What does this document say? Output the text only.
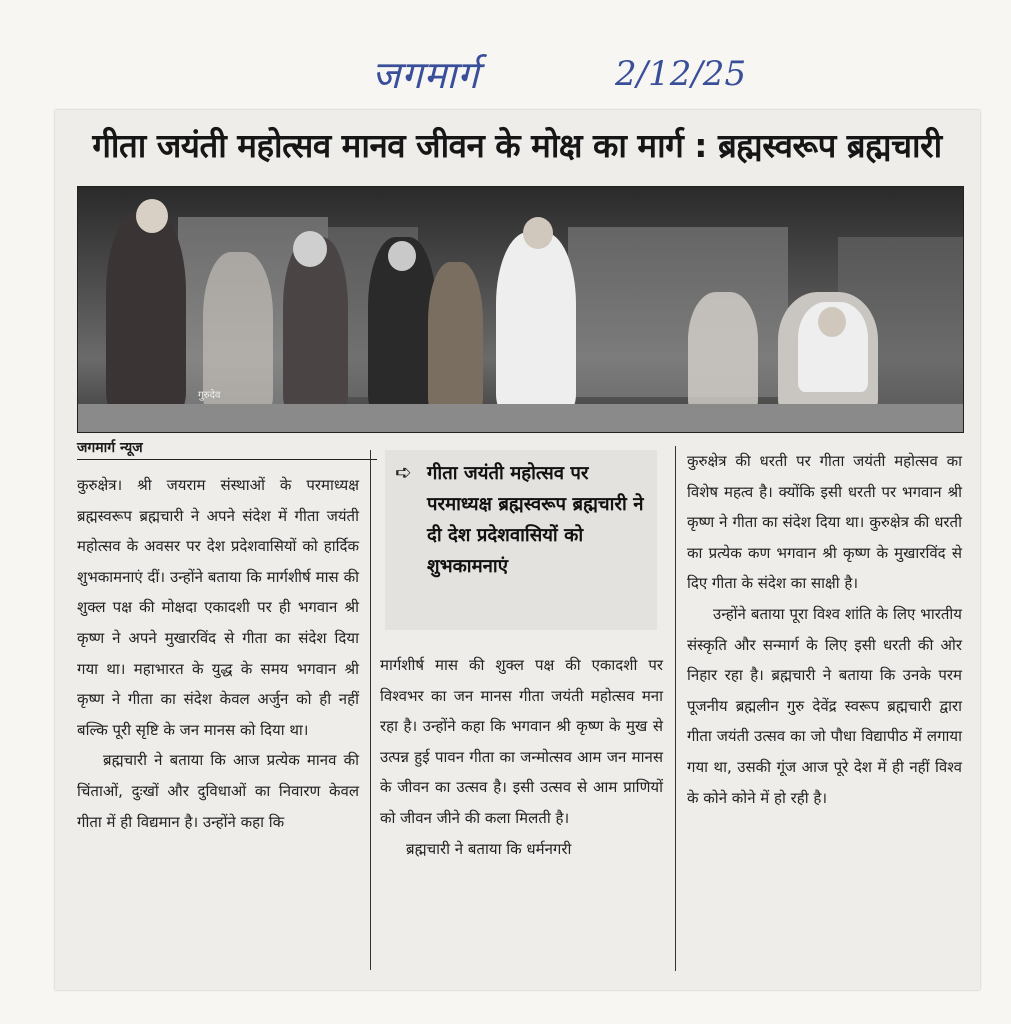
जगमार्ग	2/12/25
गीता जयंती महोत्सव मानव जीवन के मोक्ष का मार्ग : ब्रह्मस्वरूप ब्रह्मचारी
गुरुदेव
जगमार्ग न्यूज

कुरुक्षेत्र। श्री जयराम संस्थाओं के परमाध्यक्ष ब्रह्मस्वरूप ब्रह्मचारी ने अपने संदेश में गीता जयंती महोत्सव के अवसर पर देश प्रदेशवासियों को हार्दिक शुभकामनाएं दीं। उन्होंने बताया कि मार्गशीर्ष मास की शुक्ल पक्ष की मोक्षदा एकादशी पर ही भगवान श्री कृष्ण ने अपने मुखारविंद से गीता का संदेश दिया गया था। महाभारत के युद्ध के समय भगवान श्री कृष्ण ने गीता का संदेश केवल अर्जुन को ही नहीं बल्कि पूरी सृष्टि के जन मानस को दिया था।

ब्रह्मचारी ने बताया कि आज प्रत्येक मानव की चिंताओं, दुःखों और दुविधाओं का निवारण केवल गीता में ही विद्यमान है। उन्होंने कहा कि

➪ गीता जयंती महोत्सव पर परमाध्यक्ष ब्रह्मस्वरूप ब्रह्मचारी ने दी देश प्रदेशवासियों को शुभकामनाएं

मार्गशीर्ष मास की शुक्ल पक्ष की एकादशी पर विश्वभर का जन मानस गीता जयंती महोत्सव मना रहा है। उन्होंने कहा कि भगवान श्री कृष्ण के मुख से उत्पन्न हुई पावन गीता का जन्मोत्सव आम जन मानस के जीवन का उत्सव है। इसी उत्सव से आम प्राणियों को जीवन जीने की कला मिलती है।

ब्रह्मचारी ने बताया कि धर्मनगरी

कुरुक्षेत्र की धरती पर गीता जयंती महोत्सव का विशेष महत्व है। क्योंकि इसी धरती पर भगवान श्री कृष्ण ने गीता का संदेश दिया था। कुरुक्षेत्र की धरती का प्रत्येक कण भगवान श्री कृष्ण के मुखारविंद से दिए गीता के संदेश का साक्षी है।

उन्होंने बताया पूरा विश्व शांति के लिए भारतीय संस्कृति और सन्मार्ग के लिए इसी धरती की ओर निहार रहा है। ब्रह्मचारी ने बताया कि उनके परम पूजनीय ब्रह्मलीन गुरु देवेंद्र स्वरूप ब्रह्मचारी द्वारा गीता जयंती उत्सव का जो पौधा विद्यापीठ में लगाया गया था, उसकी गूंज आज पूरे देश में ही नहीं विश्व के कोने कोने में हो रही है।
